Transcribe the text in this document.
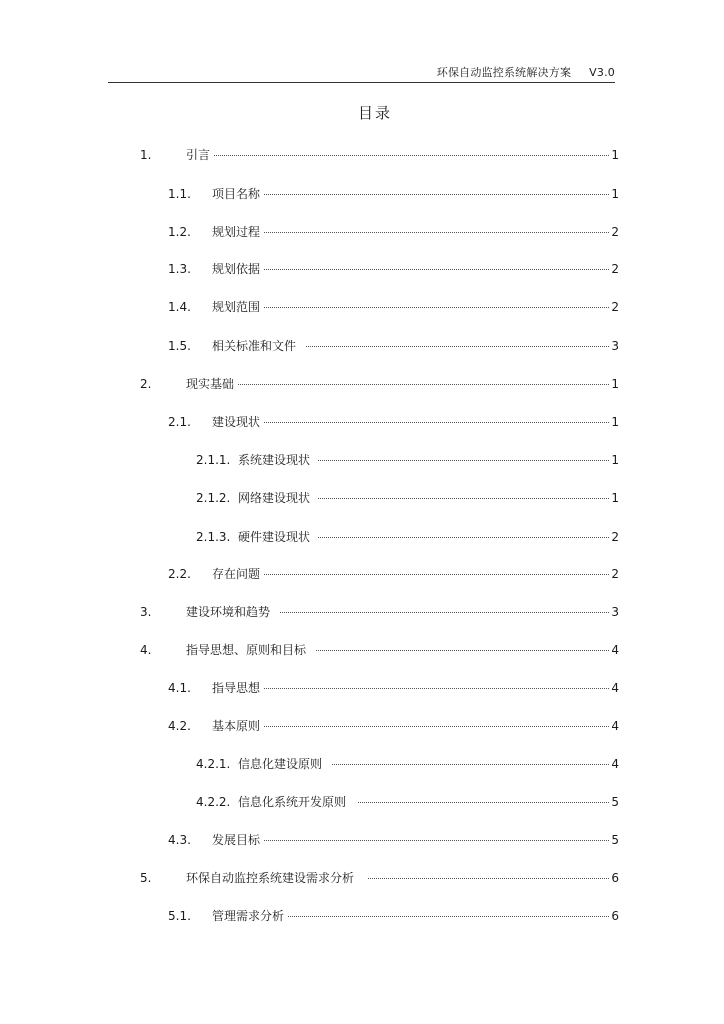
环保自动监控系统解决方案 V3.0
目录
1.	引言	1
1.1.	项目名称	1
1.2.	规划过程	2
1.3.	规划依据	2
1.4.	规划范围	2
1.5.	相关标准和文件	3
2.	现实基础	1
2.1.	建设现状	1
2.1.1. 系统建设现状	1
2.1.2. 网络建设现状	1
2.1.3. 硬件建设现状	2
2.2.	存在问题	2
3.	建设环境和趋势	3
4.	指导思想、原则和目标	4
4.1.	指导思想	4
4.2.	基本原则	4
4.2.1. 信息化建设原则	4
4.2.2. 信息化系统开发原则	5
4.3.	发展目标	5
5.	环保自动监控系统建设需求分析	6
5.1.	管理需求分析	6
